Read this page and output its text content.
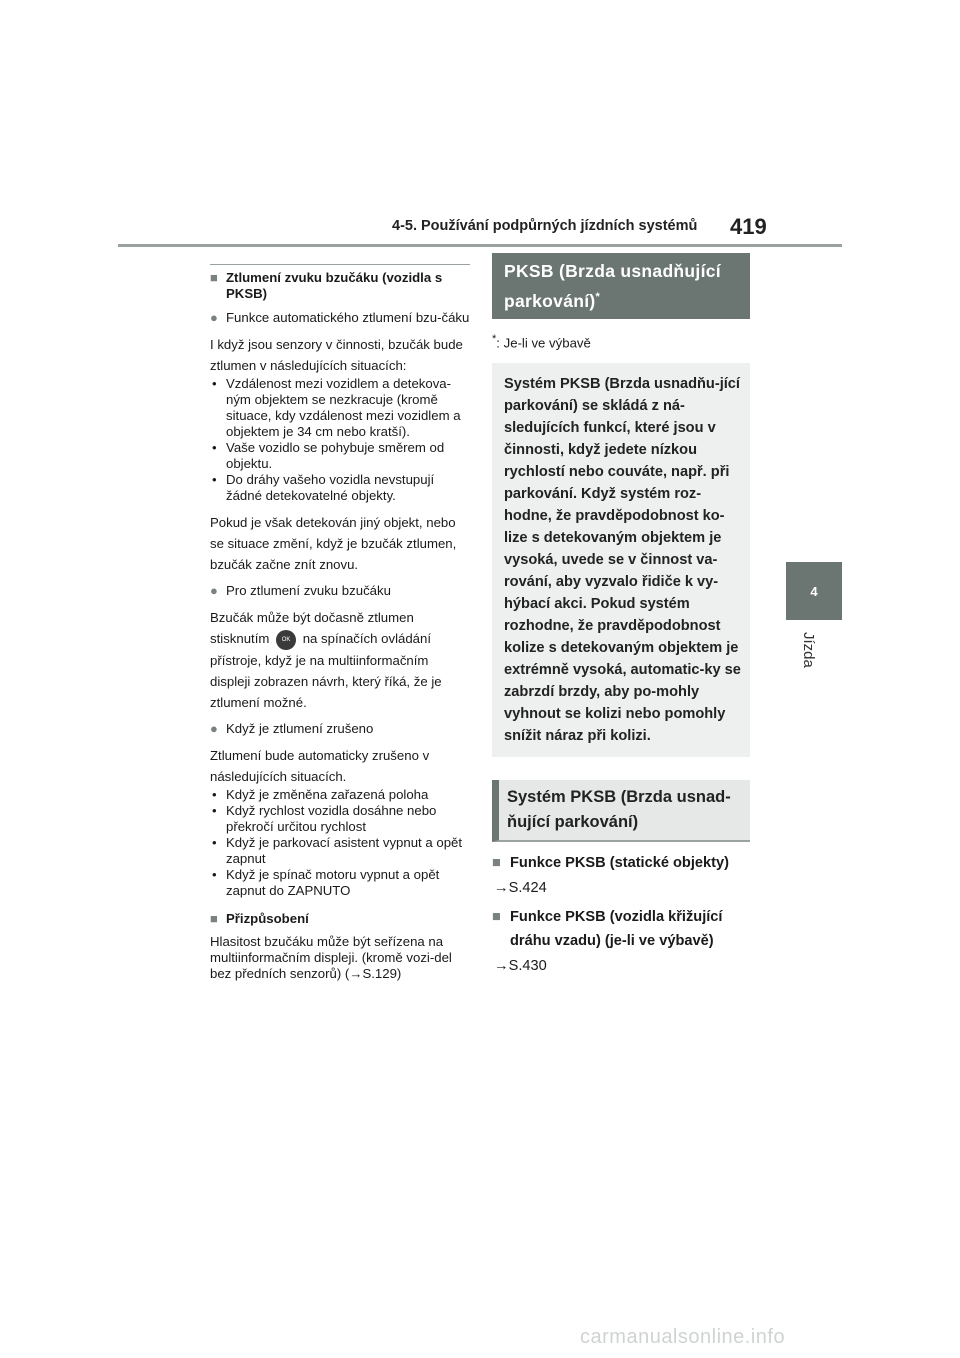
4-5. Používání podpůrných jízdních systémů 419
4
Jízda
■ Ztlumení zvuku bzučáku (vozidla s PKSB)
● Funkce automatického ztlumení bzu-čáku
I když jsou senzory v činnosti, bzučák bude ztlumen v následujících situacích:
• Vzdálenost mezi vozidlem a detekova-ným objektem se nezkracuje (kromě situace, kdy vzdálenost mezi vozidlem a objektem je 34 cm nebo kratší).
• Vaše vozidlo se pohybuje směrem od objektu.
• Do dráhy vašeho vozidla nevstupují žádné detekovatelné objekty.
Pokud je však detekován jiný objekt, nebo se situace změní, když je bzučák ztlumen, bzučák začne znít znovu.
● Pro ztlumení zvuku bzučáku
Bzučák může být dočasně ztlumen stisknutím OK na spínačích ovládání přístroje, když je na multiinformačním displeji zobrazen návrh, který říká, že je ztlumení možné.
● Když je ztlumení zrušeno
Ztlumení bude automaticky zrušeno v následujících situacích.
• Když je změněna zařazená poloha
• Když rychlost vozidla dosáhne nebo překročí určitou rychlost
• Když je parkovací asistent vypnut a opět zapnut
• Když je spínač motoru vypnut a opět zapnut do ZAPNUTO
■ Přizpůsobení
Hlasitost bzučáku může být seřízena na multiinformačním displeji. (kromě vozi-del bez předních senzorů) (→S.129)
PKSB (Brzda usnadňující parkování)*
*: Je-li ve výbavě
Systém PKSB (Brzda usnadňu-jící parkování) se skládá z ná-sledujících funkcí, které jsou v činnosti, když jedete nízkou rychlostí nebo couváte, např. při parkování. Když systém roz-hodne, že pravděpodobnost ko-lize s detekovaným objektem je vysoká, uvede se v činnost va-rování, aby vyzvalo řidiče k vy-hýbací akci. Pokud systém rozhodne, že pravděpodobnost kolize s detekovaným objektem je extrémně vysoká, automatic-ky se zabrzdí brzdy, aby po-mohly vyhnout se kolizi nebo pomohly snížit náraz při kolizi.
Systém PKSB (Brzda usnad-ňující parkování)
■ Funkce PKSB (statické objekty)
→S.424
■ Funkce PKSB (vozidla křižující dráhu vzadu) (je-li ve výbavě)
→S.430
carmanualsonline.info
